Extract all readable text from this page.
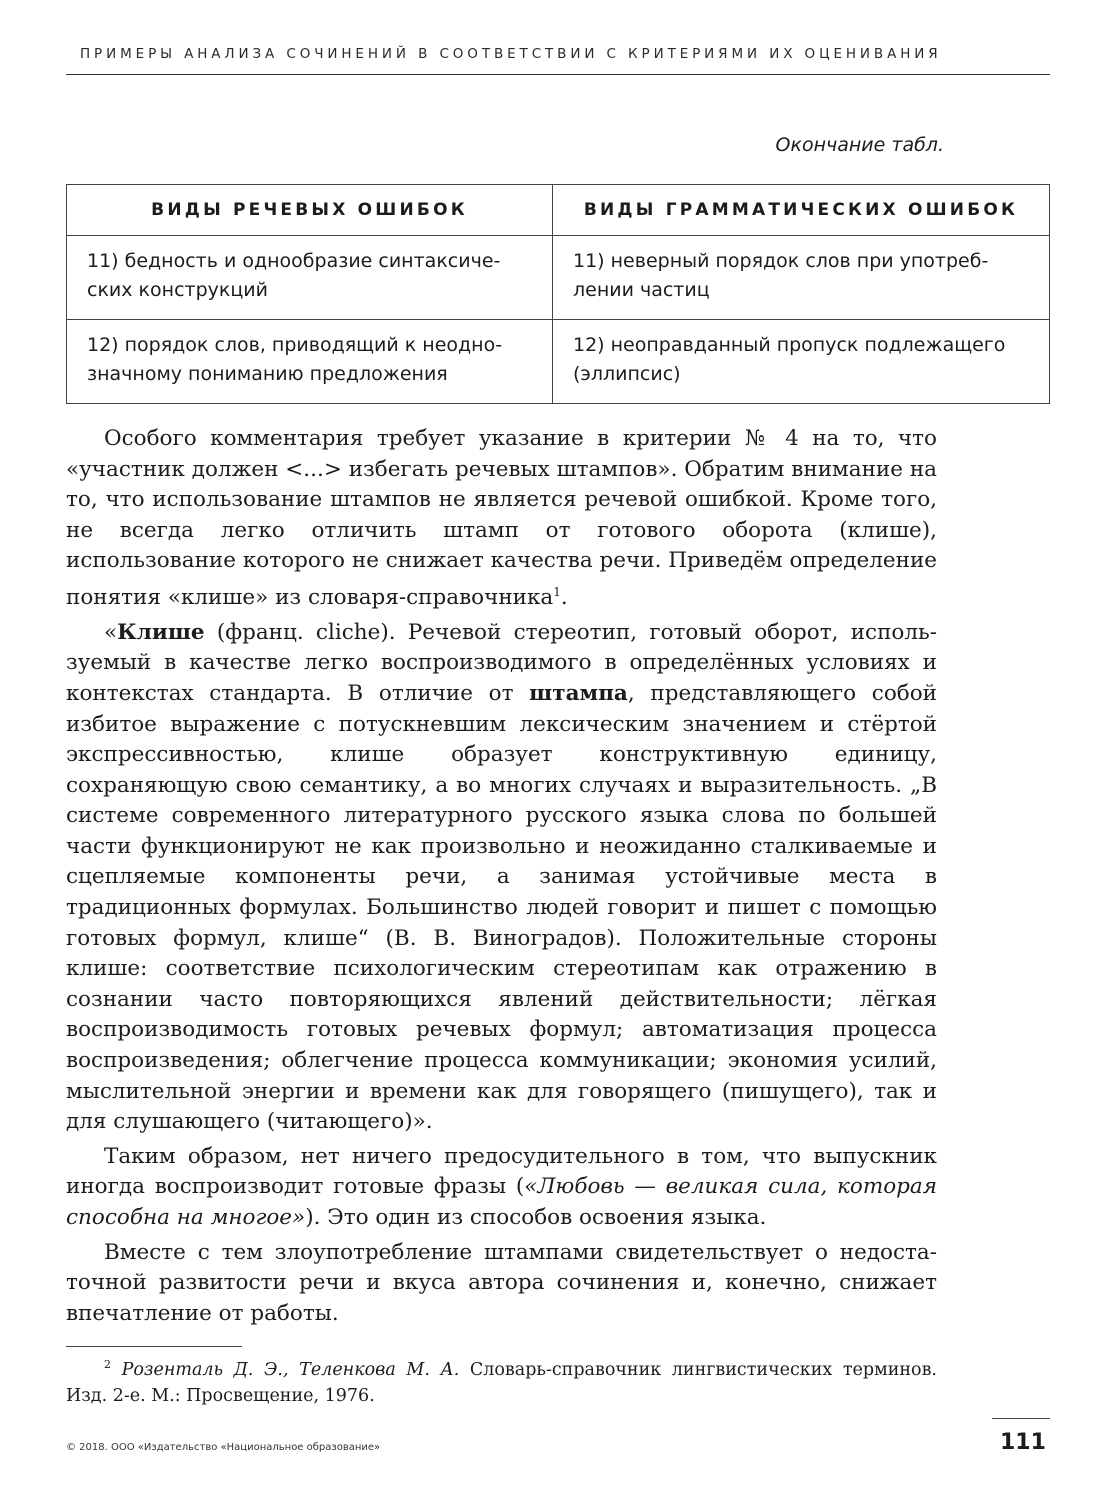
ПРИМЕРЫ АНАЛИЗА СОЧИНЕНИЙ В СООТВЕТСТВИИ С КРИТЕРИЯМИ ИХ ОЦЕНИВАНИЯ
Окончание табл.
ВИДЫ РЕЧЕВЫХ ОШИБОК	ВИДЫ ГРАММАТИЧЕСКИХ ОШИБОК
11) бедность и однообразие синтаксических конструкций	11) неверный порядок слов при употреблении частиц
12) порядок слов, приводящий к неоднозначному пониманию предложения	12) неоправданный пропуск подлежащего (эллипсис)

Особого комментария требует указание в критерии № 4 на то, что «участник должен <...> избегать речевых штампов». Обратим внимание на то, что использование штампов не является речевой ошибкой. Кроме того, не всегда легко отличить штамп от готового оборота (клише), использование которого не снижает качества речи. Приведём определение понятия «клише» из словаря-справочника$^1$.

«Клише (франц. cliche). Речевой стереотип, готовый оборот, используемый в качестве легко воспроизводимого в определённых условиях и контекстах стандарта. В отличие от штампа, представляющего собой избитое выражение с потускневшим лексическим значением и стёртой экспрессивностью, клише образует конструктивную единицу, сохраняющую свою семантику, а во многих случаях и выразительность. „В системе современного литературного русского языка слова по большей части функционируют не как произвольно и неожиданно сталкиваемые и сцепляемые компоненты речи, а занимая устойчивые места в традиционных формулах. Большинство людей говорит и пишет с помощью готовых формул, клише“ (В. В. Виноградов). Положительные стороны клише: соответствие психологическим стереотипам как отражению в сознании часто повторяющихся явлений действительности; лёгкая воспроизводимость готовых речевых формул; автоматизация процесса воспроизведения; облегчение процесса коммуникации; экономия усилий, мыслительной энергии и времени как для говорящего (пишущего), так и для слушающего (читающего)».

Таким образом, нет ничего предосудительного в том, что выпускник иногда воспроизводит готовые фразы («Любовь — великая сила, которая способна на многое»). Это один из способов освоения языка.

Вместе с тем злоупотребление штампами свидетельствует о недостаточной развитости речи и вкуса автора сочинения и, конечно, снижает впечатление от работы.

$^2$ Розенталь Д. Э., Теленкова М. А. Словарь-справочник лингвистических терминов. Изд. 2-е. М.: Просвещение, 1976.
© 2018. ООО «Издательство «Национальное образование»	111
